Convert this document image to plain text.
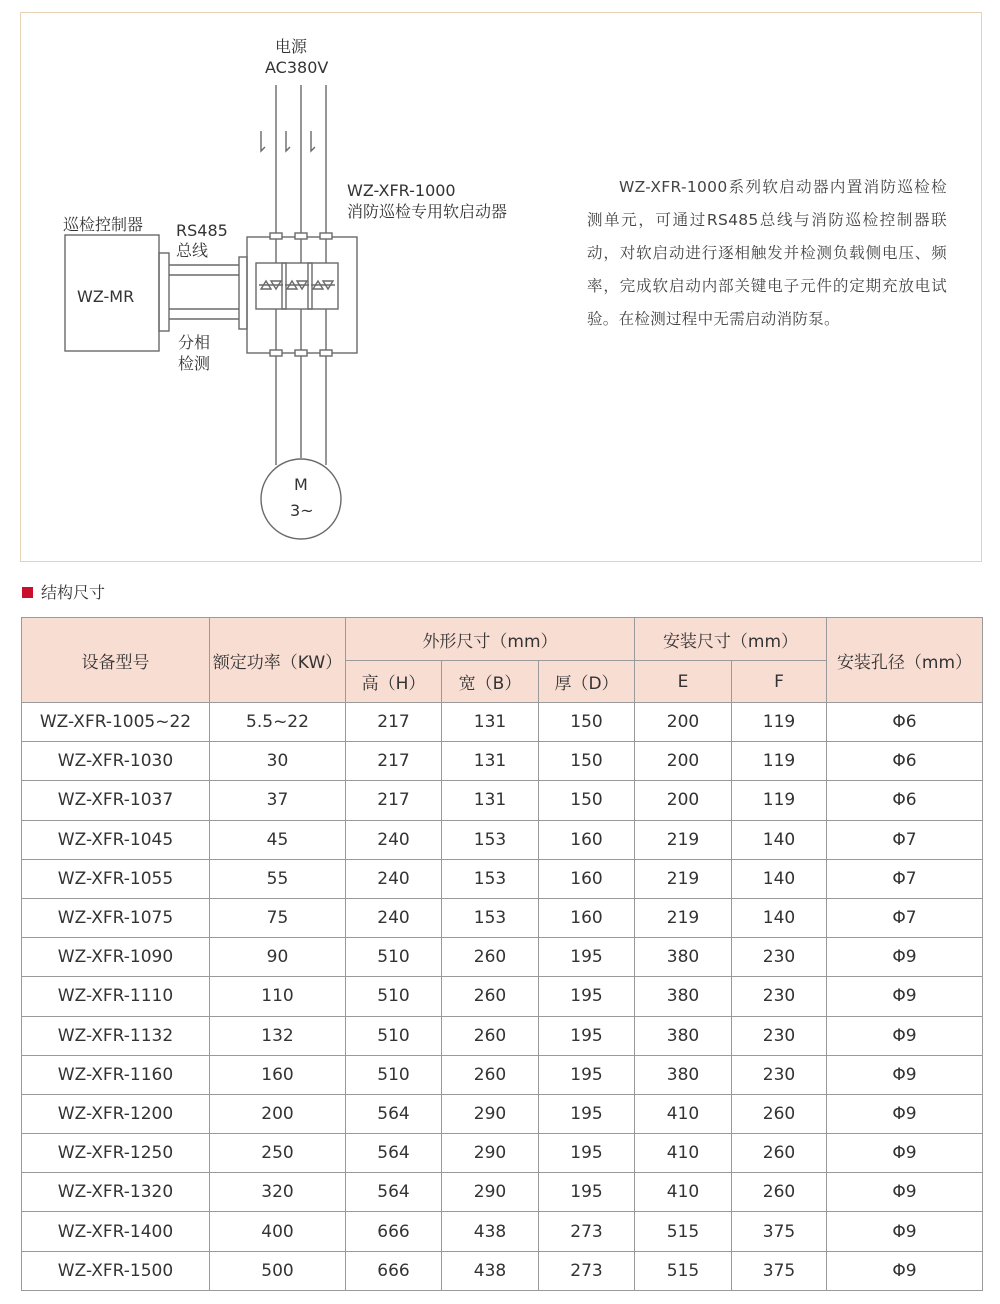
电源
AC380V
WZ-XFR-1000
消防巡检专用软启动器
巡检控制器
WZ-MR
RS485
总线
分相
检测
M
3~
WZ-XFR-1000系列软启动器内置消防巡检检测单元，可通过RS485总线与消防巡检控制器联动，对软启动进行逐相触发并检测负载侧电压、频率，完成软启动内部关键电子元件的定期充放电试验。在检测过程中无需启动消防泵。
结构尺寸
设备型号	额定功率（KW）	外形尺寸（mm）			安装尺寸（mm）		安装孔径（mm）
		高（H）	宽（B）	厚（D）	E	F	
WZ-XFR-1005~22	5.5~22	217	131	150	200	119	Φ6
WZ-XFR-1030	30	217	131	150	200	119	Φ6
WZ-XFR-1037	37	217	131	150	200	119	Φ6
WZ-XFR-1045	45	240	153	160	219	140	Φ7
WZ-XFR-1055	55	240	153	160	219	140	Φ7
WZ-XFR-1075	75	240	153	160	219	140	Φ7
WZ-XFR-1090	90	510	260	195	380	230	Φ9
WZ-XFR-1110	110	510	260	195	380	230	Φ9
WZ-XFR-1132	132	510	260	195	380	230	Φ9
WZ-XFR-1160	160	510	260	195	380	230	Φ9
WZ-XFR-1200	200	564	290	195	410	260	Φ9
WZ-XFR-1250	250	564	290	195	410	260	Φ9
WZ-XFR-1320	320	564	290	195	410	260	Φ9
WZ-XFR-1400	400	666	438	273	515	375	Φ9
WZ-XFR-1500	500	666	438	273	515	375	Φ9
